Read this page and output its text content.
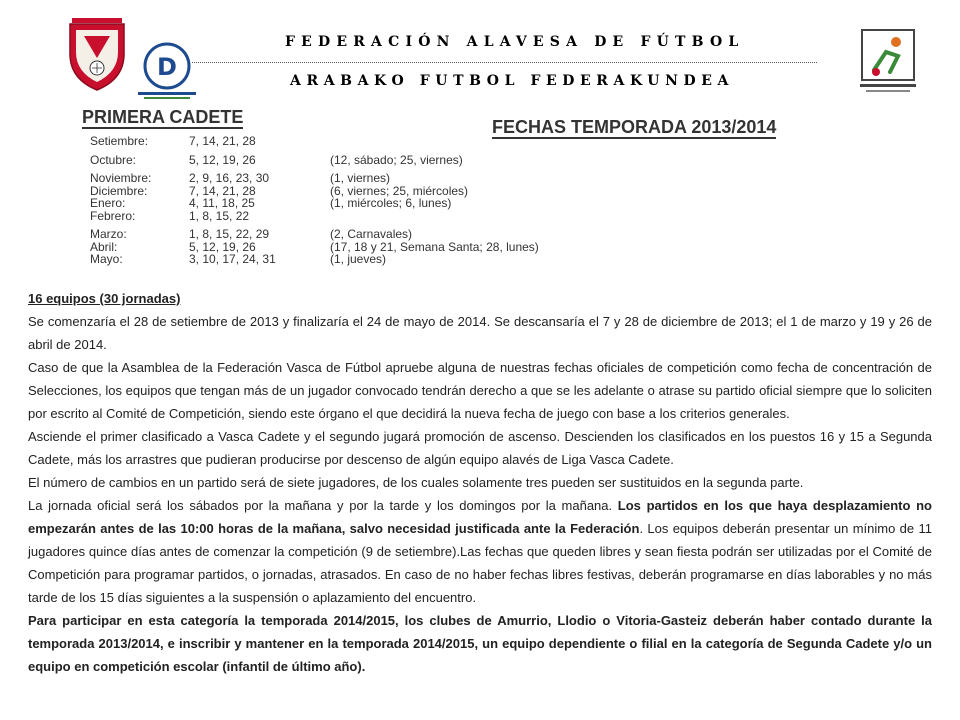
D
FEDERACIÓN ALAVESA DE FÚTBOL
ARABAKO FUTBOL FEDERAKUNDEA
PRIMERA CADETE	FECHAS TEMPORADA 2013/2014
Setiembre:	7, 14, 21, 28
Octubre:	5, 12, 19, 26	(12, sábado; 25, viernes)
Noviembre:	2, 9, 16, 23, 30	(1, viernes)
Diciembre:	7, 14, 21, 28	(6, viernes; 25, miércoles)
Enero:	4, 11, 18, 25	(1, miércoles; 6, lunes)
Febrero:	1, 8, 15, 22
Marzo:	1, 8, 15, 22, 29	(2, Carnavales)
Abril:	5, 12, 19, 26	(17, 18 y 21, Semana Santa; 28, lunes)
Mayo:	3, 10, 17, 24, 31	(1, jueves)

16 equipos (30 jornadas)

Se comenzaría el 28 de setiembre de 2013 y finalizaría el 24 de mayo de 2014. Se descansaría el 7 y 28 de diciembre de 2013; el 1 de marzo y 19 y 26 de abril de 2014.

Caso de que la Asamblea de la Federación Vasca de Fútbol apruebe alguna de nuestras fechas oficiales de competición como fecha de concentración de Selecciones, los equipos que tengan más de un jugador convocado tendrán derecho a que se les adelante o atrase su partido oficial siempre que lo soliciten por escrito al Comité de Competición, siendo este órgano el que decidirá la nueva fecha de juego con base a los criterios generales.

Asciende el primer clasificado a Vasca Cadete y el segundo jugará promoción de ascenso. Descienden los clasificados en los puestos 16 y 15 a Segunda Cadete, más los arrastres que pudieran producirse por descenso de algún equipo alavés de Liga Vasca Cadete.

El número de cambios en un partido será de siete jugadores, de los cuales solamente tres pueden ser sustituidos en la segunda parte.

La jornada oficial será los sábados por la mañana y por la tarde y los domingos por la mañana. Los partidos en los que haya desplazamiento no empezarán antes de las 10:00 horas de la mañana, salvo necesidad justificada ante la Federación. Los equipos deberán presentar un mínimo de 11 jugadores quince días antes de comenzar la competición (9 de setiembre).Las fechas que queden libres y sean fiesta podrán ser utilizadas por el Comité de Competición para programar partidos, o jornadas, atrasados. En caso de no haber fechas libres festivas, deberán programarse en días laborables y no más tarde de los 15 días siguientes a la suspensión o aplazamiento del encuentro.

Para participar en esta categoría la temporada 2014/2015, los clubes de Amurrio, Llodio o Vitoria-Gasteiz deberán haber contado durante la temporada 2013/2014, e inscribir y mantener en la temporada 2014/2015, un equipo dependiente o filial en la categoría de Segunda Cadete y/o un equipo en competición escolar (infantil de último año).
